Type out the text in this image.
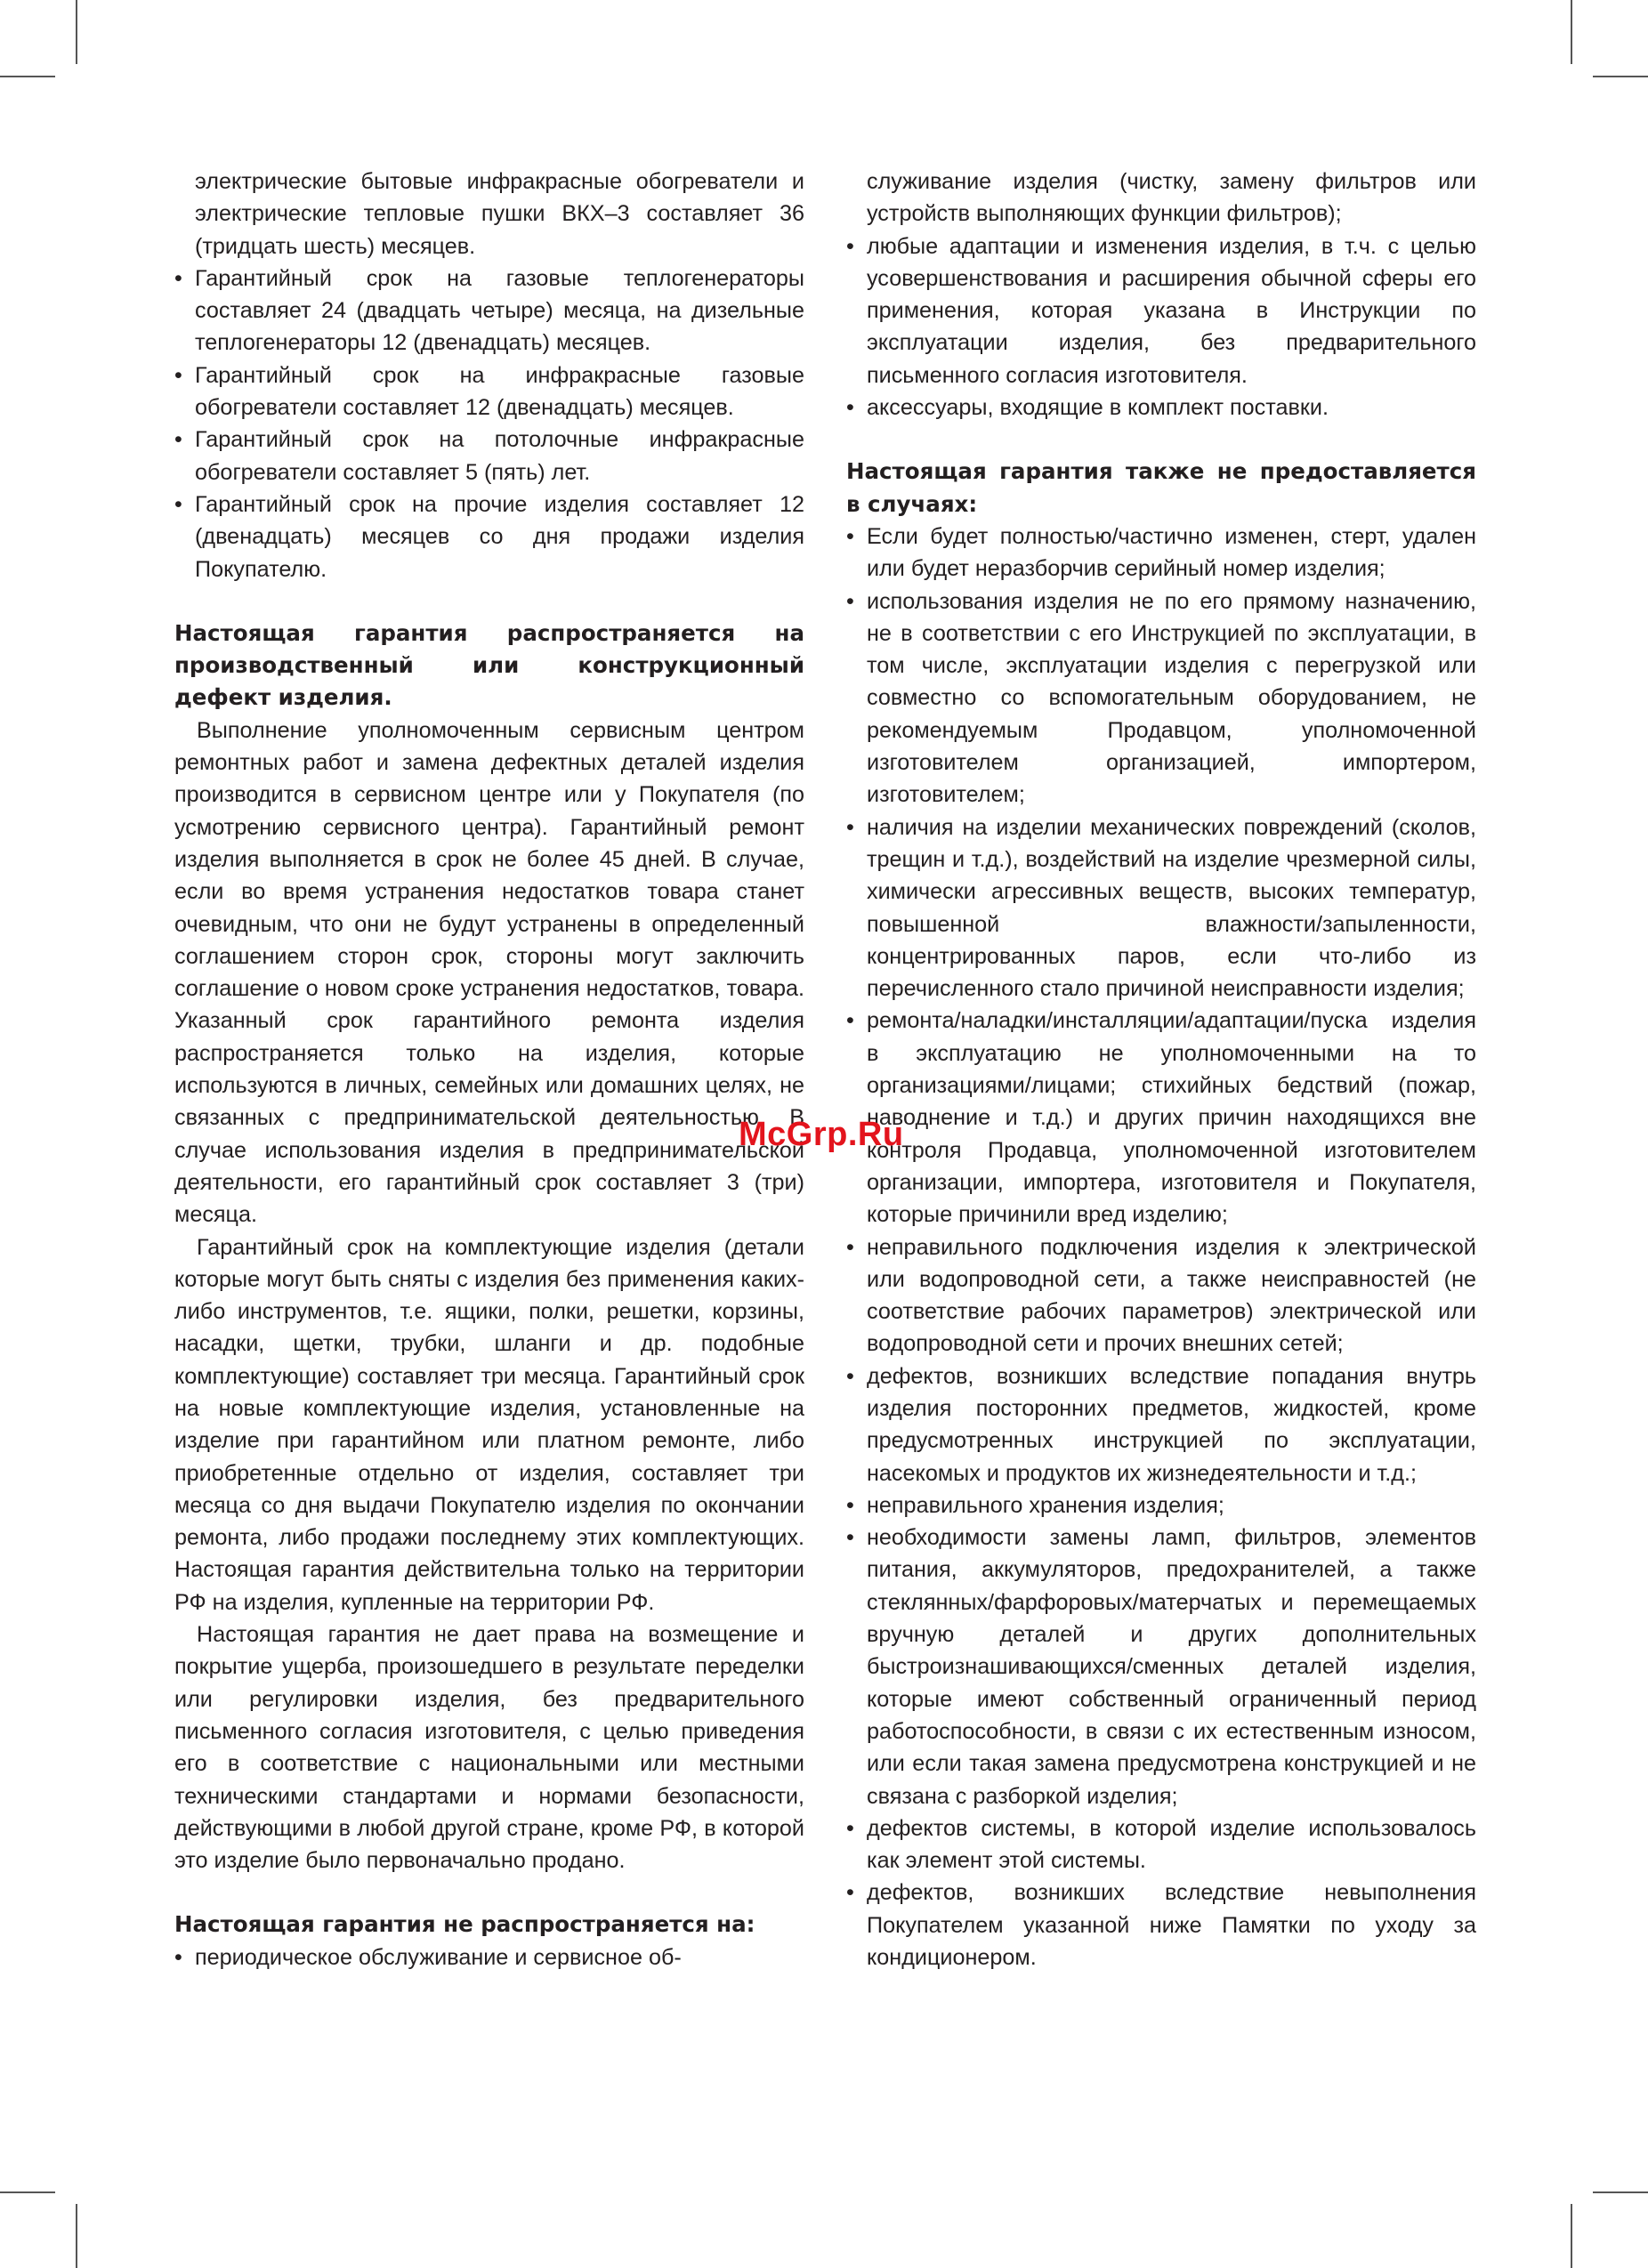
электрические бытовые инфракрасные обогреватели и электрические тепловые пушки ВКХ–3 составляет 36 (тридцать шесть) месяцев.

• Гарантийный срок на газовые теплогенераторы составляет 24 (двадцать четыре) месяца, на дизельные теплогенераторы 12 (двенадцать) месяцев.

• Гарантийный срок на инфракрасные газовые обогреватели составляет 12 (двенадцать) месяцев.

• Гарантийный срок на потолочные инфракрасные обогреватели составляет 5 (пять) лет.

• Гарантийный срок на прочие изделия составляет 12 (двенадцать) месяцев со дня продажи изделия Покупателю.

Настоящая гарантия распространяется на производственный или конструкционный дефект изделия.

Выполнение уполномоченным сервисным центром ремонтных работ и замена дефектных деталей изделия производится в сервисном центре или у Покупателя (по усмотрению сервисного центра). Гарантийный ремонт изделия выполняется в срок не более 45 дней. В случае, если во время устранения недостатков товара станет очевидным, что они не будут устранены в определенный соглашением сторон срок, стороны могут заключить соглашение о новом сроке устранения недостатков, товара. Указанный срок гарантийного ремонта изделия распространяется только на изделия, которые используются в личных, семейных или домашних целях, не связанных с предпринимательской деятельностью. В случае использования изделия в предпринимательской деятельности, его гарантийный срок составляет 3 (три) месяца.

Гарантийный срок на комплектующие изделия (детали которые могут быть сняты с изделия без применения каких-либо инструментов, т.е. ящики, полки, решетки, корзины, насадки, щетки, трубки, шланги и др. подобные комплектующие) составляет три месяца. Гарантийный срок на новые комплектующие изделия, установленные на изделие при гарантийном или платном ремонте, либо приобретенные отдельно от изделия, составляет три месяца со дня выдачи Покупателю изделия по окончании ремонта, либо продажи последнему этих комплектующих. Настоящая гарантия действительна только на территории РФ на изделия, купленные на территории РФ.

Настоящая гарантия не дает права на возмещение и покрытие ущерба, произошедшего в результате переделки или регулировки изделия, без предварительного письменного согласия изготовителя, с целью приведения его в соответствие с национальными или местными техническими стандартами и нормами безопасности, действующими в любой другой стране, кроме РФ, в которой это изделие было первоначально продано.

Настоящая гарантия не распространяется на:

• периодическое обслуживание и сервисное об-

служивание изделия (чистку, замену фильтров или устройств выполняющих функции фильтров);

• любые адаптации и изменения изделия, в т.ч. с целью усовершенствования и расширения обычной сферы его применения, которая указана в Инструкции по эксплуатации изделия, без предварительного письменного согласия изготовителя.

• аксессуары, входящие в комплект поставки.

Настоящая гарантия также не предоставляется в случаях:

• Если будет полностью/частично изменен, стерт, удален или будет неразборчив серийный номер изделия;

• использования изделия не по его прямому назначению, не в соответствии с его Инструкцией по эксплуатации, в том числе, эксплуатации изделия с перегрузкой или совместно со вспомогательным оборудованием, не рекомендуемым Продавцом, уполномоченной изготовителем организацией, импортером, изготовителем;

• наличия на изделии механических повреждений (сколов, трещин и т.д.), воздействий на изделие чрезмерной силы, химически агрессивных веществ, высоких температур, повышенной влажности/запыленности, концентрированных паров, если что-либо из перечисленного стало причиной неисправности изделия;

• ремонта/наладки/инсталляции/адаптации/пуска изделия в эксплуатацию не уполномоченными на то организациями/лицами; стихийных бедствий (пожар, наводнение и т.д.) и других причин находящихся вне контроля Продавца, уполномоченной изготовителем организации, импортера, изготовителя и Покупателя, которые причинили вред изделию;

• неправильного подключения изделия к электрической или водопроводной сети, а также неисправностей (не соответствие рабочих параметров) электрической или водопроводной сети и прочих внешних сетей;

• дефектов, возникших вследствие попадания внутрь изделия посторонних предметов, жидкостей, кроме предусмотренных инструкцией по эксплуатации, насекомых и продуктов их жизнедеятельности и т.д.;

• неправильного хранения изделия;

• необходимости замены ламп, фильтров, элементов питания, аккумуляторов, предохранителей, а также стеклянных/фарфоровых/матерчатых и перемещаемых вручную деталей и других дополнительных быстроизнашивающихся/сменных деталей изделия, которые имеют собственный ограниченный период работоспособности, в связи с их естественным износом, или если такая замена предусмотрена конструкцией и не связана с разборкой изделия;

• дефектов системы, в которой изделие использовалось как элемент этой системы.

• дефектов, возникших вследствие невыполнения Покупателем указанной ниже Памятки по уходу за кондиционером.

McGrp.Ru
